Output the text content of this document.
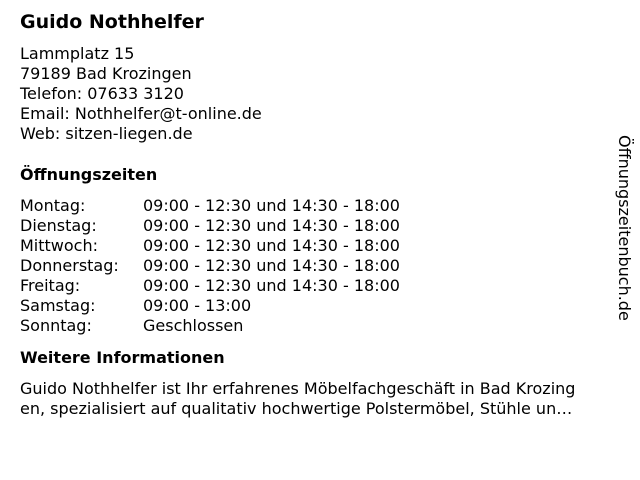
Guido Nothhelfer
Lammplatz 15
79189 Bad Krozingen
Telefon: 07633 3120
Email: Nothhelfer@t-online.de
Web: sitzen-liegen.de
Öffnungszeiten
Montag:	09:00 - 12:30 und 14:30 - 18:00
Dienstag:	09:00 - 12:30 und 14:30 - 18:00
Mittwoch:	09:00 - 12:30 und 14:30 - 18:00
Donnerstag: 09:00 - 12:30 und 14:30 - 18:00
Freitag:	09:00 - 12:30 und 14:30 - 18:00
Samstag:	09:00 - 13:00
Sonntag:	Geschlossen
Weitere Informationen
Guido Nothhelfer ist Ihr erfahrenes Möbelfachgeschäft in Bad Krozing
en, spezialisiert auf qualitativ hochwertige Polstermöbel, Stühle un…
Öffnungszeitenbuch.de
